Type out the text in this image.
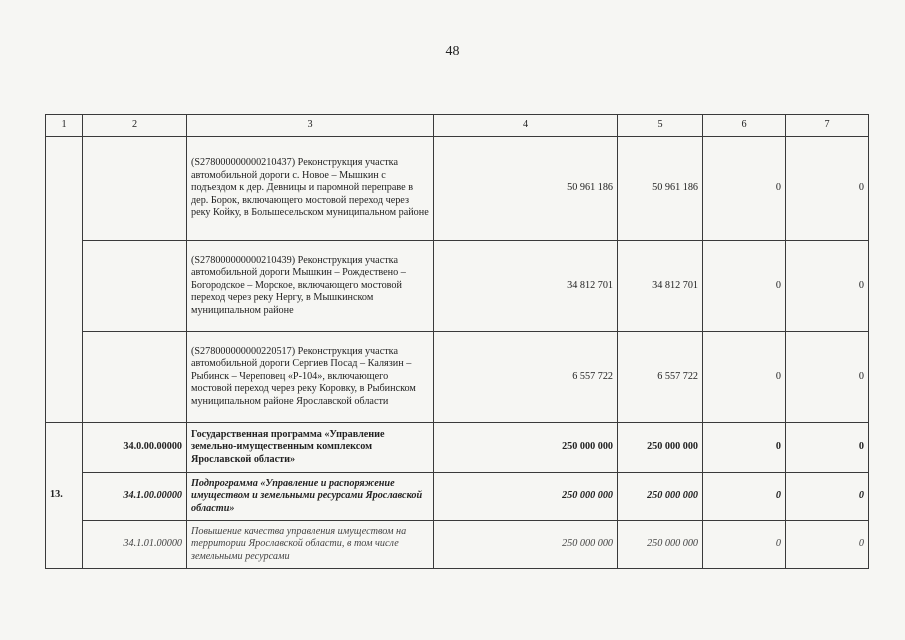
48
1	2	3	4	5	6	7
		(S278000000000210437) Реконструкция участка автомобильной дороги с. Новое – Мышкин с подъездом к дер. Девницы и паромной переправе в дер. Борок, включающего мостовой переход через реку Койку, в Большесельском муниципальном районе	50 961 186	50 961 186	0	0
		(S278000000000210439) Реконструкция участка автомобильной дороги Мышкин – Рождествено – Богородское – Морское, включающего мостовой переход через реку Нергу, в Мышкинском муниципальном районе	34 812 701	34 812 701	0	0
		(S278000000000220517) Реконструкция участка автомобильной дороги Сергиев Посад – Калязин – Рыбинск – Череповец «Р-104», включающего мостовой переход через реку Коровку, в Рыбинском муниципальном районе Ярославской области	6 557 722	6 557 722	0	0
13.	34.0.00.00000	Государственная программа «Управление земельно-имущественным комплексом Ярославской области»	250 000 000	250 000 000	0	0
	34.1.00.00000	Подпрограмма «Управление и распоряжение имуществом и земельными ресурсами Ярославской области»	250 000 000	250 000 000	0	0
	34.1.01.00000	Повышение качества управления имуществом на территории Ярославской области, в том числе земельными ресурсами	250 000 000	250 000 000	0	0
